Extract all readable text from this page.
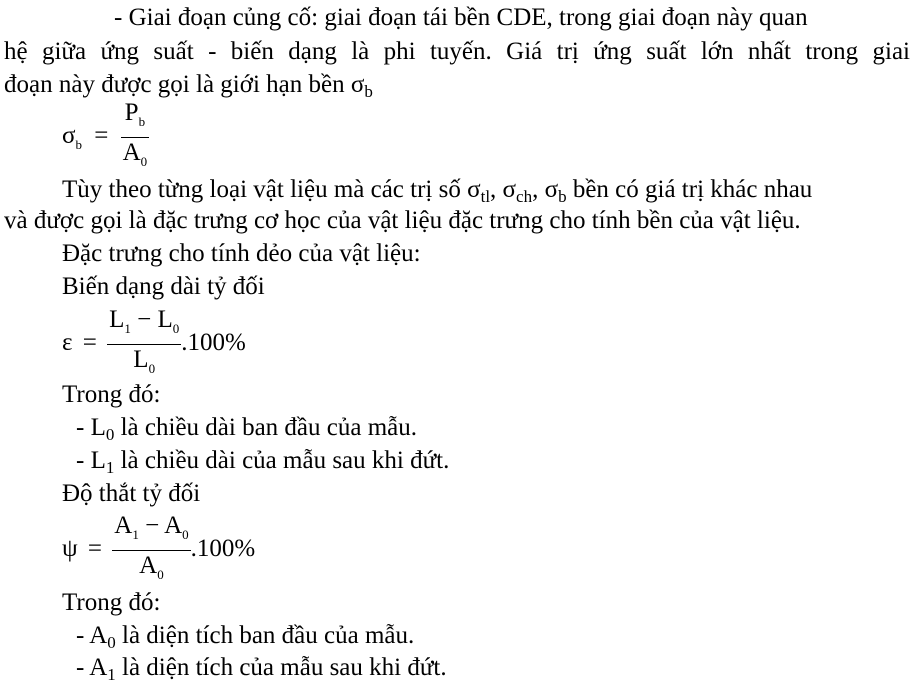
- Giai đoạn củng cố: giai đoạn tái bền CDE, trong giai đoạn này quan
hệ giữa ứng suất - biến dạng là phi tuyến. Giá trị ứng suất lớn nhất trong giai
đoạn này được gọi là giới hạn bền $\sigma_b$
$\sigma_b = \frac{P_b}{A_0}$
Tùy theo từng loại vật liệu mà các trị số $\sigma_{tl}$, $\sigma_{ch}$, $\sigma_b$ bền có giá trị khác nhau
và được gọi là đặc trưng cơ học của vật liệu đặc trưng cho tính bền của vật liệu.
Đặc trưng cho tính dẻo của vật liệu:
Biến dạng dài tỷ đối
$\varepsilon = \frac{L_1 - L_0}{L_0} .100\%$
Trong đó:
- $L_0$ là chiều dài ban đầu của mẫu.
- $L_1$ là chiều dài của mẫu sau khi đứt.
Độ thắt tỷ đối
$\psi = \frac{A_1 - A_0}{A_0} .100\%$
Trong đó:
- $A_0$ là diện tích ban đầu của mẫu.
- $A_1$ là diện tích của mẫu sau khi đứt.
